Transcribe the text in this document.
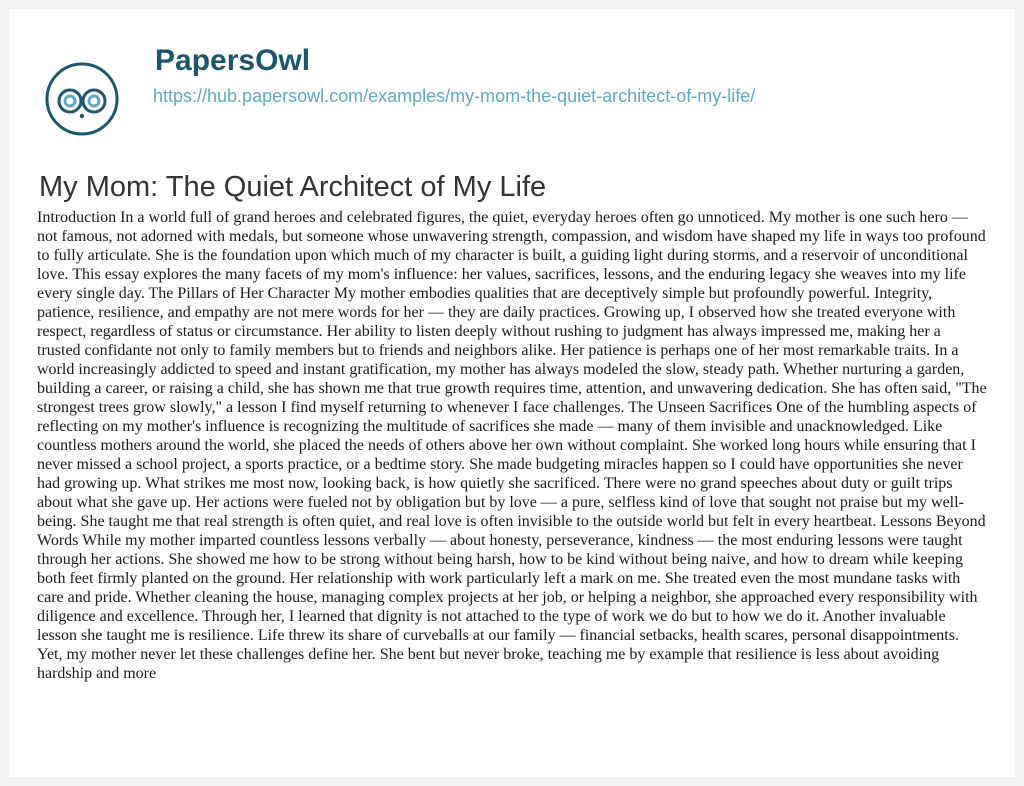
PapersOwl
https://hub.papersowl.com/examples/my-mom-the-quiet-architect-of-my-life/
My Mom: The Quiet Architect of My Life

Introduction In a world full of grand heroes and celebrated figures, the quiet, everyday heroes often go unnoticed. My mother is one such hero — not famous, not adorned with medals, but someone whose unwavering strength, compassion, and wisdom have shaped my life in ways too profound to fully articulate. She is the foundation upon which much of my character is built, a guiding light during storms, and a reservoir of unconditional love. This essay explores the many facets of my mom's influence: her values, sacrifices, lessons, and the enduring legacy she weaves into my life every single day. The Pillars of Her Character My mother embodies qualities that are deceptively simple but profoundly powerful. Integrity, patience, resilience, and empathy are not mere words for her — they are daily practices. Growing up, I observed how she treated everyone with respect, regardless of status or circumstance. Her ability to listen deeply without rushing to judgment has always impressed me, making her a trusted confidante not only to family members but to friends and neighbors alike. Her patience is perhaps one of her most remarkable traits. In a world increasingly addicted to speed and instant gratification, my mother has always modeled the slow, steady path. Whether nurturing a garden, building a career, or raising a child, she has shown me that true growth requires time, attention, and unwavering dedication. She has often said, "The strongest trees grow slowly," a lesson I find myself returning to whenever I face challenges. The Unseen Sacrifices One of the humbling aspects of reflecting on my mother's influence is recognizing the multitude of sacrifices she made — many of them invisible and unacknowledged. Like countless mothers around the world, she placed the needs of others above her own without complaint. She worked long hours while ensuring that I never missed a school project, a sports practice, or a bedtime story. She made budgeting miracles happen so I could have opportunities she never had growing up. What strikes me most now, looking back, is how quietly she sacrificed. There were no grand speeches about duty or guilt trips about what she gave up. Her actions were fueled not by obligation but by love — a pure, selfless kind of love that sought not praise but my well-being. She taught me that real strength is often quiet, and real love is often invisible to the outside world but felt in every heartbeat. Lessons Beyond Words While my mother imparted countless lessons verbally — about honesty, perseverance, kindness — the most enduring lessons were taught through her actions. She showed me how to be strong without being harsh, how to be kind without being naive, and how to dream while keeping both feet firmly planted on the ground. Her relationship with work particularly left a mark on me. She treated even the most mundane tasks with care and pride. Whether cleaning the house, managing complex projects at her job, or helping a neighbor, she approached every responsibility with diligence and excellence. Through her, I learned that dignity is not attached to the type of work we do but to how we do it. Another invaluable lesson she taught me is resilience. Life threw its share of curveballs at our family — financial setbacks, health scares, personal disappointments. Yet, my mother never let these challenges define her. She bent but never broke, teaching me by example that resilience is less about avoiding hardship and more
